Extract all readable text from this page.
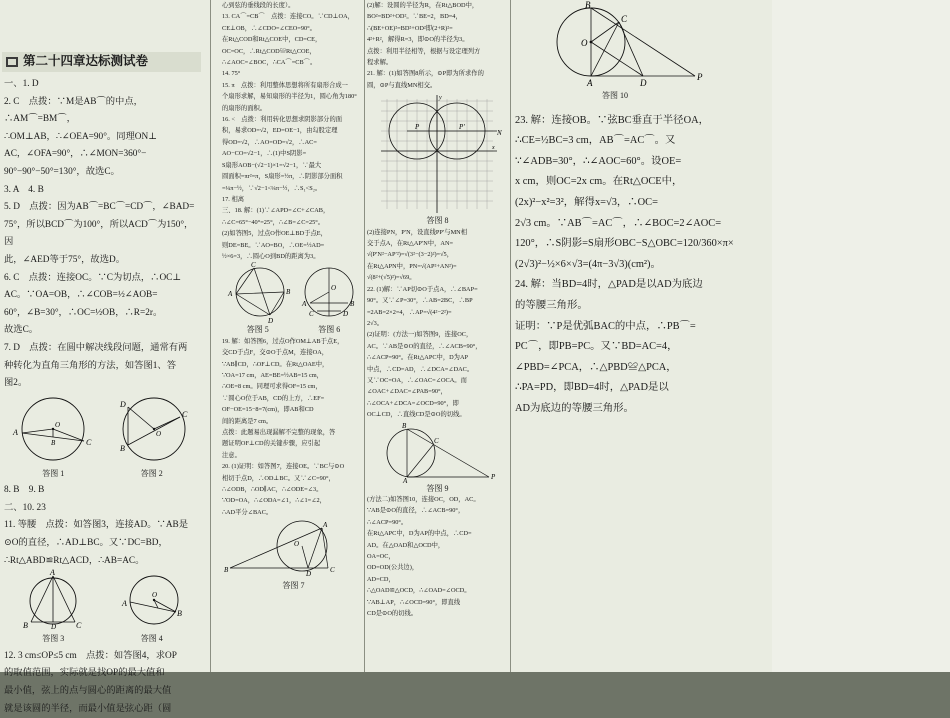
第二十四章达标测试卷

一、1. D

2. C　点拨：∵M是AB⌒的中点，∴AM⌒=BM⌒，

∴OM⊥AB，∴∠OEA=90°。同理ON⊥

AC，∠OFA=90°，∴∠MON=360°−

90°−90°−50°=130°，故选C。

3. A　4. B

5. D　点拨：因为AB⌒=BC⌒=CD⌒，∠BAD=

75°，所以BCD⌒为100°，所以ACD⌒为150°，因

此，∠AED等于75°，故选D。

6. C　点拨：连接OC。∵C为切点，∴OC⊥

AC。∵OA=OB，∴∠COB=½∠AOB=

60°，∠B=30°，∴OC=½OB，∴R=2r。

故选C。

7. D　点拨：在圆中解决线段问题，通常有两

种转化为直角三角形的方法，如答图1、答

图2。

A
C
O
B
答图 1
D
B
C
O
答图 2

8. B　9. B

二、10. 23

11. 等腰　点拨：如答图3，连接AD。∵AB是

⊙O的直径，∴AD⊥BC。又∵DC=BD，

∴Rt△ABD≌Rt△ACD，∴AB=AC。

A
B	C
D
答图 3
A
B
O
答图 4

12. 3 cm≤OP≤5 cm　点拨：如答图4，求OP

的取值范围，实际就是找OP的最大值和

最小值，弦上的点与圆心的距离的最大值

就是该圆的半径，而最小值是弦心距（圆

心到弦的垂线段的长度）。

13. CA⌒=CB⌒　点拨：连接CO。∵CD⊥OA，

CE⊥OB，∴∠CDO=∠CEO=90°。

在Rt△COD和Rt△COE中，CD=CE，

OC=OC，∴Rt△COD≌Rt△COE，

∴∠AOC=∠BOC，∴CA⌒=CB⌒。

14. 75°

15. π　点拨：利用整体思想将所有扇形合成一

个扇形求解，易知扇形的半径为1，圆心角为180°

的扇形的面积。

16. <　点拨：利用转化思想求阴影部分的面

积，易求OD=√2，ED=OE−1，由勾股定理

得OD=√2，∴AO=OD=√2，∴AC=

AO−CO=√2−1，∴(1)中S阴影=

S扇形AOB−(√2−1)×1=√2−1，∵最大

圆面积=πr²=π，S扇形=½π，∴阴影部分面积

=¼π−½，∵√2−1<¼π−½，∴S₁<S₂。

17. 相离

三、18. 解：(1)∵∠APD=∠C+∠CAB，

∴∠C=65°−40°=25°，∴∠B=∠C=25°。

(2)如答图5，过点O作OE⊥BD于点E，

则DE=BE。∵AO=BO，∴OE=½AD=

½×6=3，∴圆心O到BD的距离为3。

A	B
C
D
答图 5
O
A	B
C	D
答图 6

19. 解：如答图6，过点O作OM⊥AB于点E，

交CD于点F，交⊙O于点M，连接OA，

∵AB∥CD，∴OF⊥CD。在Rt△OAE中，

∵OA=17 cm，AE=BE=½AB=15 cm，

∴OE=8 cm。同理可求得OF=15 cm，

∵圆心O位于AB，CD的上方，∴EF=

OF−OE=15−8=7(cm)，即AB和CD

间的距离是7 cm。

点拨：此题易出现漏解不完整的现象，答

题证明OF⊥CD的关键步骤，应引起

注意。

20. (1)证明：如答图7，连接OE。∵BC与⊙O

相切于点D，∴OD⊥BC。又∵∠C=90°，

∴∠ODB，∴OD∥AC，∴∠ODE=∠3。

∵OD=OA，∴∠ODA=∠1，∴∠1=∠2，

∴AD平分∠BAC。

B	C
A
D
O
答图 7

(2)解：设圆的半径为R，在Rt△BOD中，

BO²=BD²+OD²。∵BE=2，BD=4，

∴(BE+OE)²=BD²+OD²即(2+R)²=

4²+R²，解得R=3，即⊙O的半径为3。

点拨：利用半径相等，根据与设定理列方

程求解。

21. 解：(1)如答图8所示，⊙P即为所求作的

圆，⊙P与直线MN相交。

P	P′
N
x
y
答图 8

(2)连接PN，P′N，设直线PP′与MN相

交于点A，在Rt△AP′N中，AN=

√(P′N²−AP′²)=√(3²−(3−2)²)=√5，

在Rt△APN中，PN=√(AP²+AN²)=

√(8²+(√5)²)=√69。

22. (1)解：∵AP切⊙O于点A，∴∠BAP=

90°。又∵∠P=30°，∴AB=2BC，∴BP

=2AB=2×2=4，∴AP=√(4²−2²)=

2√3。

(2)证明：(方法一)如答图9，连接OC，

AC。∵AB是⊙O的直径，∴∠ACB=90°，

∴∠ACP=90°。在Rt△APC中，D为AP

中点，∴CD=AD，∴∠DCA=∠DAC。

又∵OC=OA，∴∠OAC=∠OCA。而

∠OAC+∠DAC=∠PAB=90°，

∴∠OCA+∠DCA=∠OCD=90°，即

OC⊥CD，∴直线CD是⊙O的切线。

B
A	P
C
答图 9

(方法二)如答图10，连接OC，OD，AC。

∵AB是⊙O的直径，∴∠ACB=90°，

∴∠ACP=90°。

在Rt△APC中，D为AP的中点，∴CD=

AD。在△OAD和△OCD中，

OA=OC，

OD=OD(公共边)，

AD=CD，

∴△OAD≌△OCD，∴∠OAD=∠OCD。

∵AB⊥AP，∴∠OCD=90°，即直线

CD是⊙O的切线。

B
C
O
A	D
P
答图 10

23. 解：连接OB。∵弦BC垂直于半径OA，

∴CE=½BC=3 cm，AB⌒=AC⌒。又

∵∠ADB=30°，∴∠AOC=60°。设OE=

x cm，则OC=2x cm。在Rt△OCE中，

(2x)²−x²=3²，解得x=√3，∴OC=

2√3 cm。∵AB⌒=AC⌒，∴∠BOC=2∠AOC=

120°，∴S阴影=S扇形OBC−S△OBC=120/360×π×

(2√3)²−½×6×√3=(4π−3√3)(cm²)。

24. 解：当BD=4时，△PAD是以AD为底边

的等腰三角形。

证明：∵P是优弧BAC的中点，∴PB⌒=

PC⌒，即PB=PC。又∵BD=AC=4，

∠PBD=∠PCA，∴△PBD≌△PCA，

∴PA=PD，即BD=4时，△PAD是以

AD为底边的等腰三角形。
